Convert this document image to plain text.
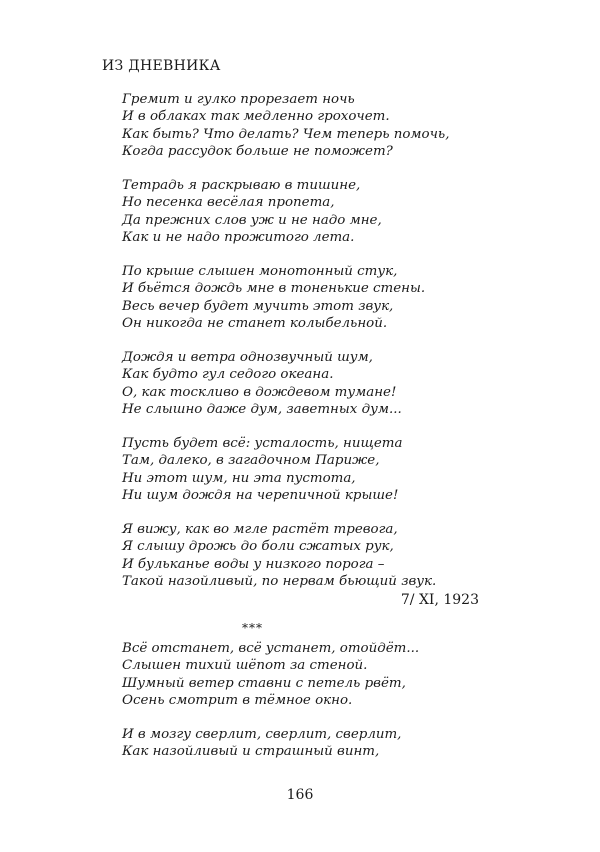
ИЗ ДНЕВНИКА
Гремит и гулко прорезает ночь
И в облаках так медленно грохочет.
Как быть? Что делать? Чем теперь помочь,
Когда рассудок больше не поможет?
Тетрадь я раскрываю в тишине,
Но песенка весёлая пропета,
Да прежних слов уж и не надо мне,
Как и не надо прожитого лета.
По крыше слышен монотонный стук,
И бьётся дождь мне в тоненькие стены.
Весь вечер будет мучить этот звук,
Он никогда не станет колыбельной.
Дождя и ветра однозвучный шум,
Как будто гул седого океана.
О, как тоскливо в дождевом тумане!
Не слышно даже дум, заветных дум...
Пусть будет всё: усталость, нищета
Там, далеко, в загадочном Париже,
Ни этот шум, ни эта пустота,
Ни шум дождя на черепичной крыше!
Я вижу, как во мгле растёт тревога,
Я слышу дрожь до боли сжатых рук,
И бульканье воды у низкого порога –
Такой назойливый, по нервам бьющий звук.
7/ XI, 1923
***
Всё отстанет, всё устанет, отойдёт...
Слышен тихий шёпот за стеной.
Шумный ветер ставни с петель рвёт,
Осень смотрит в тёмное окно.
И в мозгу сверлит, сверлит, сверлит,
Как назойливый и страшный винт,
166
